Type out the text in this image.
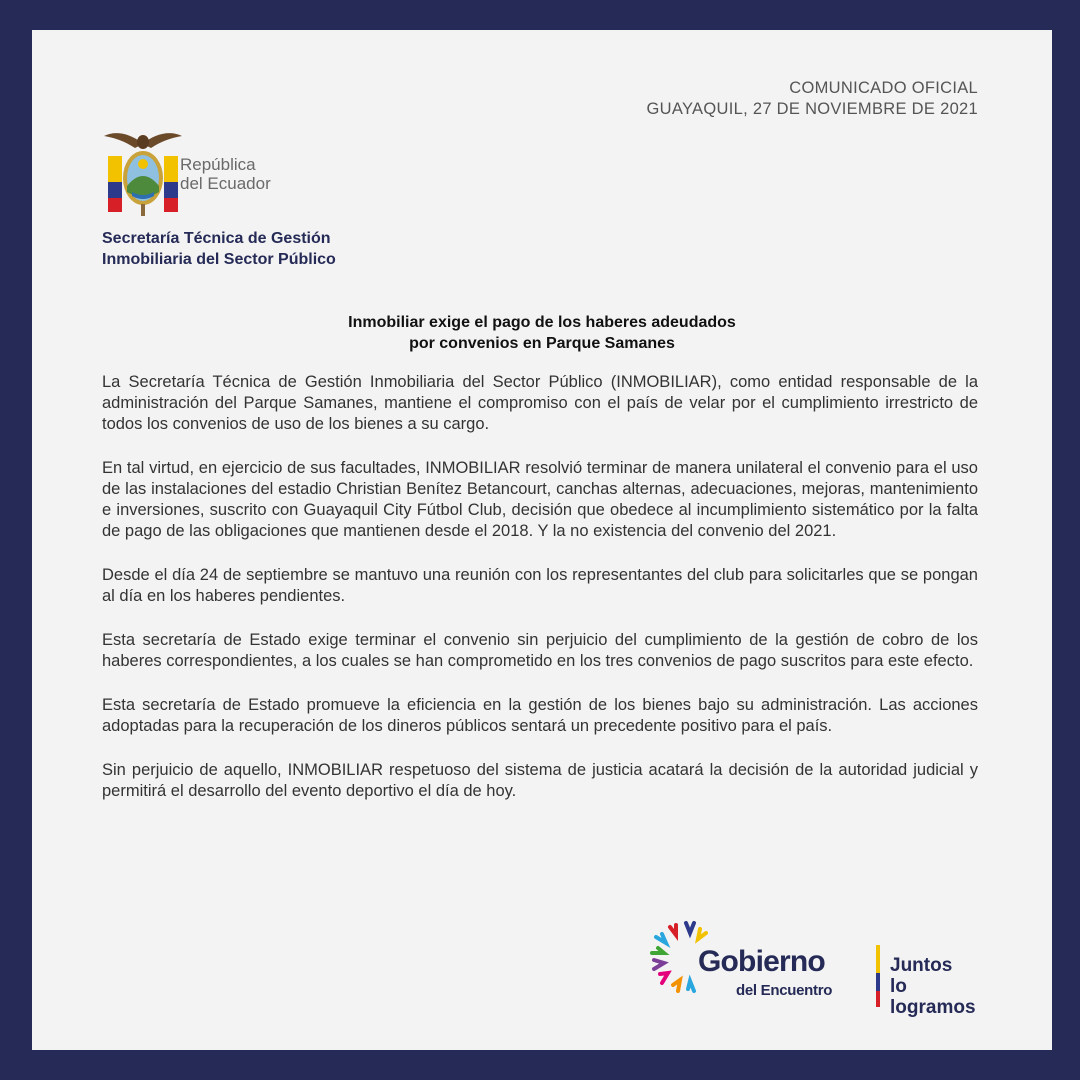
COMUNICADO OFICIAL
GUAYAQUIL, 27 DE NOVIEMBRE DE 2021
República
del Ecuador
Secretaría Técnica de Gestión
Inmobiliaria del Sector Público
Inmobiliar exige el pago de los haberes adeudados
por convenios en Parque Samanes

La Secretaría Técnica de Gestión Inmobiliaria del Sector Público (INMOBILIAR), como entidad responsable de la administración del Parque Samanes, mantiene el compromiso con el país de velar por el cumplimiento irrestricto de todos los convenios de uso de los bienes a su cargo.

En tal virtud, en ejercicio de sus facultades, INMOBILIAR resolvió terminar de manera unilateral el convenio para el uso de las instalaciones del estadio Christian Benítez Betancourt, canchas alternas, adecuaciones, mejoras, mantenimiento e inversiones, suscrito con Guayaquil City Fútbol Club, decisión que obedece al incumplimiento sistemático por la falta de pago de las obligaciones que mantienen desde el 2018. Y la no existencia del convenio del 2021.

Desde el día 24 de septiembre se mantuvo una reunión con los representantes del club para solicitarles que se pongan al día en los haberes pendientes.

Esta secretaría de Estado exige terminar el convenio sin perjuicio del cumplimiento de la gestión de cobro de los haberes correspondientes, a los cuales se han comprometido en los tres convenios de pago suscritos para este efecto.

Esta secretaría de Estado promueve la eficiencia en la gestión de los bienes bajo su administración. Las acciones adoptadas para la recuperación de los dineros públicos sentará un precedente positivo para el país.

Sin perjuicio de aquello, INMOBILIAR respetuoso del sistema de justicia acatará la decisión de la autoridad judicial y permitirá el desarrollo del evento deportivo el día de hoy.

Gobierno
del Encuentro
Juntos
lo logramos
